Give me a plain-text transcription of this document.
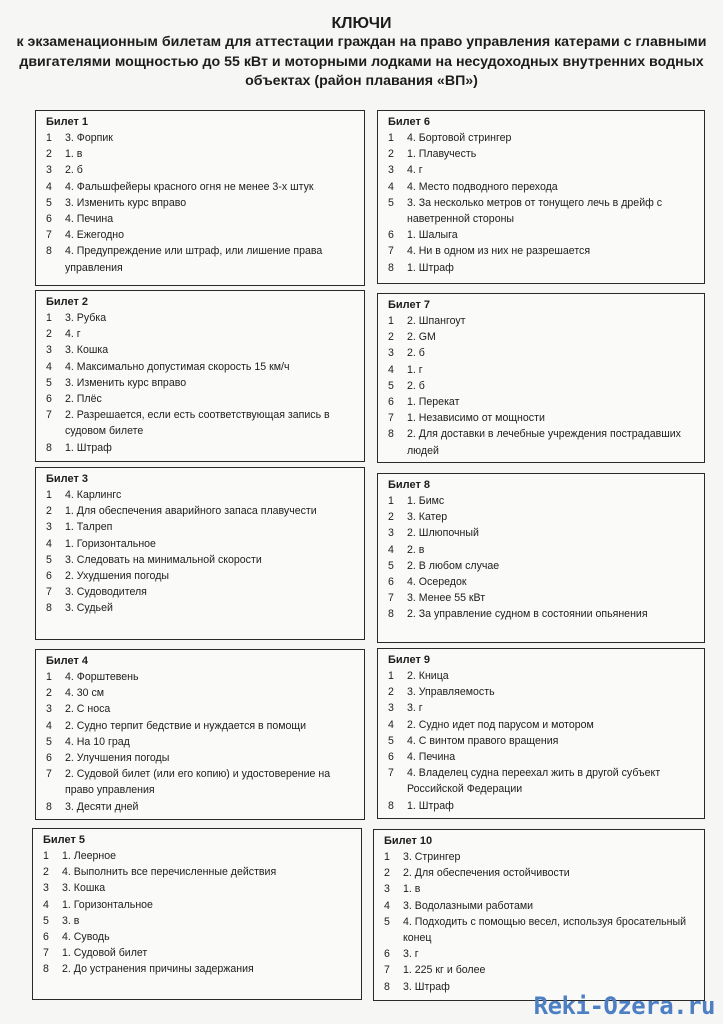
КЛЮЧИ
к экзаменационным билетам для аттестации граждан на право управления катерами с главными двигателями мощностью до 55 кВт и моторными лодками на несудоходных внутренних водных объектах (район плавания «ВП»)
Билет 1
1	3. Форпик
2	1. в
3	2. б
4	4. Фальшфейеры красного огня не менее 3-х штук
5	3. Изменить курс вправо
6	4. Печина
7	4. Ежегодно
8	4. Предупреждение или штраф, или лишение права управления
Билет 6
1	4. Бортовой стрингер
2	1. Плавучесть
3	4. г
4	4. Место подводного перехода
5	3. За несколько метров от тонущего лечь в дрейф с наветренной стороны
6	1. Шалыга
7	4. Ни в одном из них не разрешается
8	1. Штраф
Билет 2
1	3. Рубка
2	4. г
3	3. Кошка
4	4. Максимально допустимая скорость 15 км/ч
5	3. Изменить курс вправо
6	2. Плёс
7	2. Разрешается, если есть соответствующая запись в судовом билете
8	1. Штраф
Билет 7
1	2. Шпангоут
2	2. GM
3	2. б
4	1. г
5	2. б
6	1. Перекат
7	1. Независимо от мощности
8	2. Для доставки в лечебные учреждения пострадавших людей
Билет 3
1	4. Карлингс
2	1. Для обеспечения аварийного запаса плавучести
3	1. Талреп
4	1. Горизонтальное
5	3. Следовать на минимальной скорости
6	2. Ухудшения погоды
7	3. Судоводителя
8	3. Судьей
Билет 8
1	1. Бимс
2	3. Катер
3	2. Шлюпочный
4	2. в
5	2. В любом случае
6	4. Осередок
7	3. Менее 55 кВт
8	2. За управление судном в состоянии опьянения
Билет 4
1	4. Форштевень
2	4. 30 см
3	2. С носа
4	2. Судно терпит бедствие и нуждается в помощи
5	4. На 10 град
6	2. Улучшения погоды
7	2. Судовой билет (или его копию) и удостоверение на право управления
8	3. Десяти дней
Билет 9
1	2. Кница
2	3. Управляемость
3	3. г
4	2. Судно идет под парусом и мотором
5	4. С винтом правого вращения
6	4. Печина
7	4. Владелец судна переехал жить в другой субъект Российской Федерации
8	1. Штраф
Билет 5
1	1. Леерное
2	4. Выполнить все перечисленные действия
3	3. Кошка
4	1. Горизонтальное
5	3. в
6	4. Суводь
7	1. Судовой билет
8	2. До устранения причины задержания
Билет 10
1	3. Стрингер
2	2. Для обеспечения остойчивости
3	1. в
4	3. Водолазными работами
5	4. Подходить с помощью весел, используя бросательный конец
6	3. г
7	1. 225 кг и более
8	3. Штраф
Reki-Ozera.ru
